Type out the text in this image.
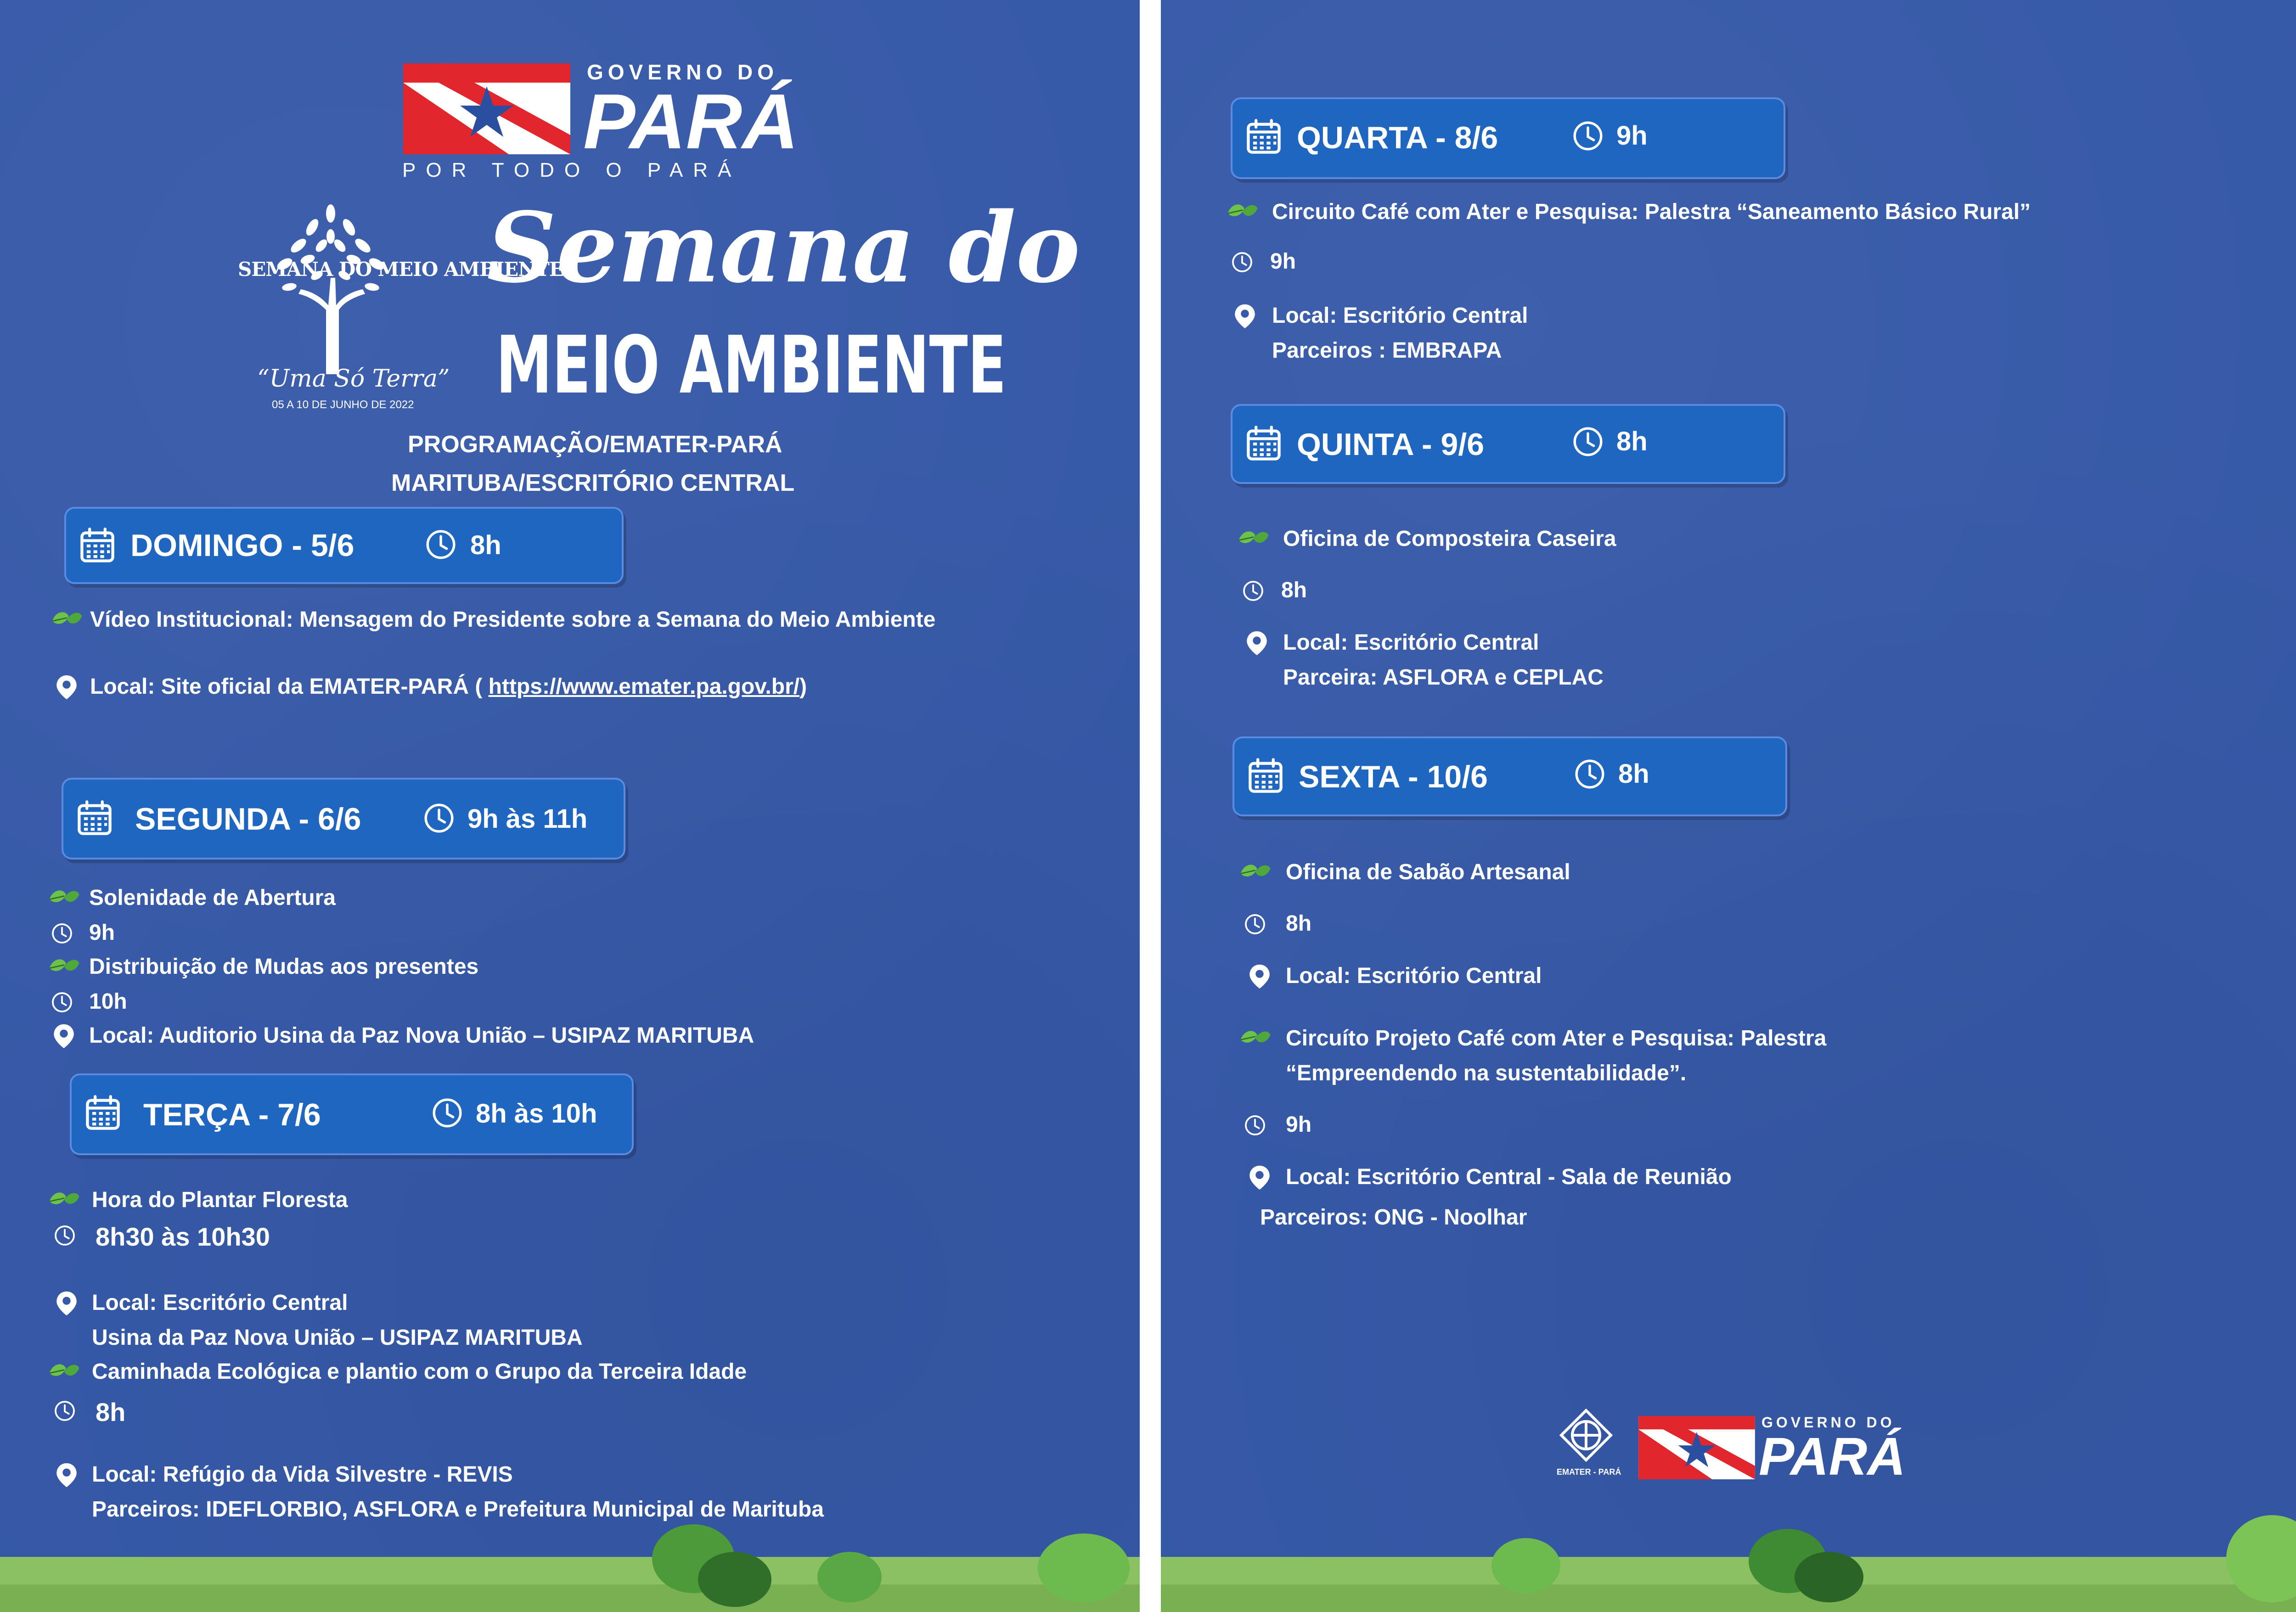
GOVERNO DO
PARÁ
POR TODO O PARÁ
SEMANA DO MEIO AMBIENTE
“Uma Só Terra”
05 A 10 DE JUNHO DE 2022
Semana do
MEIO AMBIENTE
PROGRAMAÇÃO/EMATER-PARÁ
MARITUBA/ESCRITÓRIO CENTRAL
DOMINGO - 5/6	8h
Vídeo Institucional: Mensagem do Presidente sobre a Semana do Meio Ambiente
Local: Site oficial da EMATER-PARÁ ( https://www.emater.pa.gov.br/)
SEGUNDA - 6/6	9h às 11h
Solenidade de Abertura
9h
Distribuição de Mudas aos presentes
10h
Local: Auditorio Usina da Paz Nova União – USIPAZ MARITUBA
TERÇA - 7/6	8h às 10h
Hora do Plantar Floresta
8h30 às 10h30
Local: Escritório Central
Usina da Paz Nova União – USIPAZ MARITUBA
Caminhada Ecológica e plantio com o Grupo da Terceira Idade
8h
Local: Refúgio da Vida Silvestre - REVIS
Parceiros: IDEFLORBIO, ASFLORA e Prefeitura Municipal de Marituba
QUARTA - 8/6	9h
Circuito Café com Ater e Pesquisa: Palestra “Saneamento Básico Rural”
9h
Local: Escritório Central
Parceiros : EMBRAPA
QUINTA - 9/6	8h
Oficina de Composteira Caseira
8h
Local: Escritório Central
Parceira: ASFLORA e CEPLAC
SEXTA - 10/6	8h
Oficina de Sabão Artesanal
8h
Local: Escritório Central
Circuíto Projeto Café com Ater e Pesquisa: Palestra
“Empreendendo na sustentabilidade”.
9h
Local: Escritório Central - Sala de Reunião
Parceiros: ONG - Noolhar
EMATER - PARÁ
GOVERNO DO
PARÁ
